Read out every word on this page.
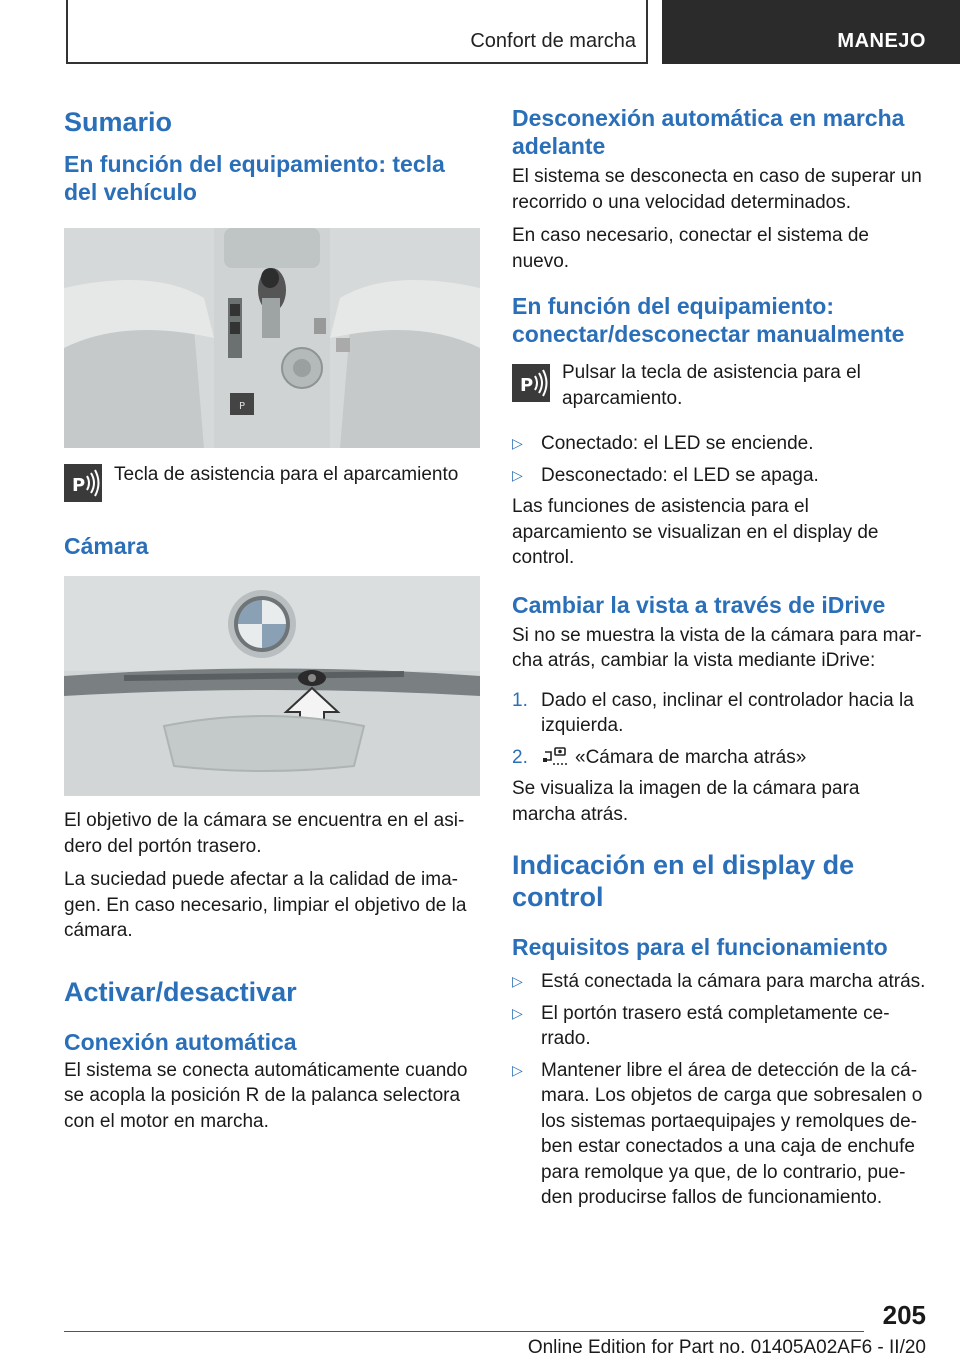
Confort de marcha	MANEJO
Sumario
En función del equipamiento: tecla del vehículo
P
P

Tecla de asistencia para el aparcamiento

Cámara

El objetivo de la cámara se encuentra en el asidero del portón trasero.

La suciedad puede afectar a la calidad de imagen. En caso necesario, limpiar el objetivo de la cámara.

Activar/desactivar
Conexión automática

El sistema se conecta automáticamente cuando se acopla la posición R de la palanca selectora con el motor en marcha.

Desconexión automática en marcha adelante

El sistema se desconecta en caso de superar un recorrido o una velocidad determinados.

En caso necesario, conectar el sistema de nuevo.

En función del equipamiento: conectar/desconectar manualmente
P

Pulsar la tecla de asistencia para el aparcamiento.

▷ Conectado: el LED se enciende.
▷ Desconectado: el LED se apaga.

Las funciones de asistencia para el aparcamiento se visualizan en el display de control.

Cambiar la vista a través de iDrive

Si no se muestra la vista de la cámara para marcha atrás, cambiar la vista mediante iDrive:

1. Dado el caso, inclinar el controlador hacia la izquierda.
2. «Cámara de marcha atrás»

Se visualiza la imagen de la cámara para marcha atrás.

Indicación en el display de control
Requisitos para el funcionamiento
▷ Está conectada la cámara para marcha atrás.
▷ El portón trasero está completamente cerrado.
▷ Mantener libre el área de detección de la cámara. Los objetos de carga que sobresalen o los sistemas portaequipajes y remolques deben estar conectados a una caja de enchufe para remolque ya que, de lo contrario, pueden producirse fallos de funcionamiento.
205
Online Edition for Part no. 01405A02AF6 - II/20
